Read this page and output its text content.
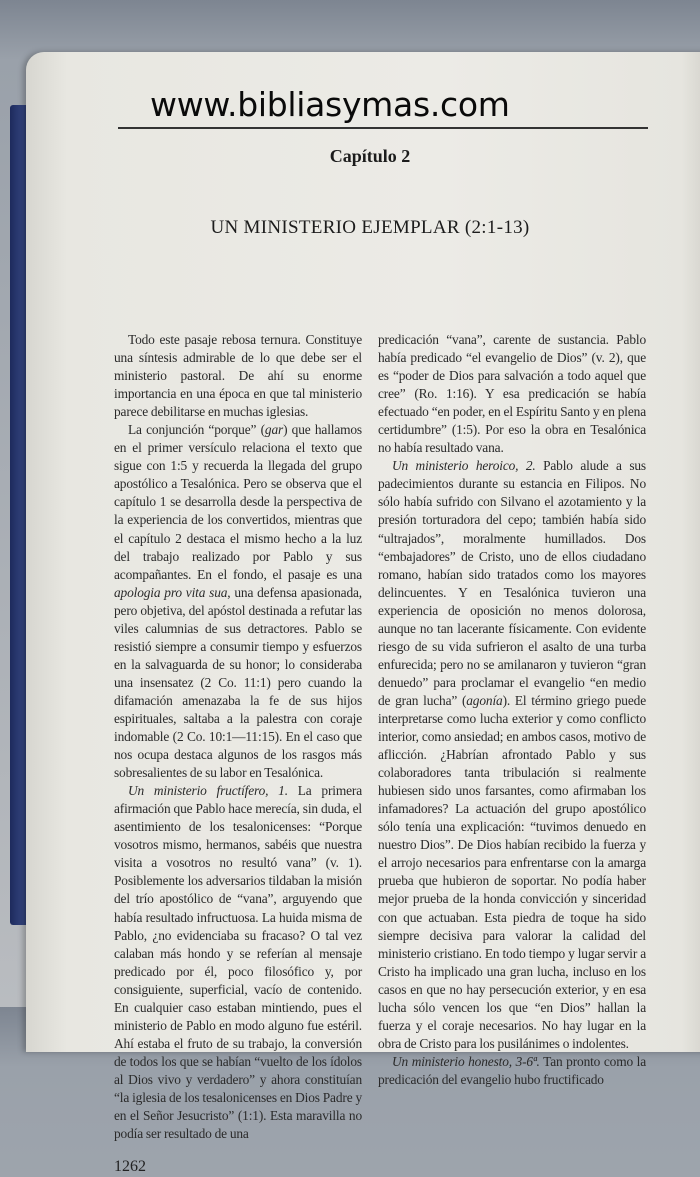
www.bibliasymas.com
Capítulo 2
UN MINISTERIO EJEMPLAR (2:1-13)

Todo este pasaje rebosa ternura. Constituye una síntesis admirable de lo que debe ser el ministerio pastoral. De ahí su enorme importancia en una época en que tal ministerio parece debilitarse en muchas iglesias.

La conjunción “porque” (gar) que hallamos en el primer versículo relaciona el texto que sigue con 1:5 y recuerda la llegada del grupo apostólico a Tesalónica. Pero se observa que el capítulo 1 se desarrolla desde la perspectiva de la experiencia de los convertidos, mientras que el capítulo 2 destaca el mismo hecho a la luz del trabajo realizado por Pablo y sus acompañantes. En el fondo, el pasaje es una apologia pro vita sua, una defensa apasionada, pero objetiva, del apóstol destinada a refutar las viles calumnias de sus detractores. Pablo se resistió siempre a consumir tiempo y esfuerzos en la salvaguarda de su honor; lo consideraba una insensatez (2 Co. 11:1) pero cuando la difamación amenazaba la fe de sus hijos espirituales, saltaba a la palestra con coraje indomable (2 Co. 10:1—11:15). En el caso que nos ocupa destaca algunos de los rasgos más sobresalientes de su labor en Tesalónica.

Un ministerio fructífero, 1. La primera afirmación que Pablo hace merecía, sin duda, el asentimiento de los tesalonicenses: “Porque vosotros mismo, hermanos, sabéis que nuestra visita a vosotros no resultó vana” (v. 1). Posiblemente los adversarios tildaban la misión del trío apostólico de “vana”, arguyendo que había resultado infructuosa. La huida misma de Pablo, ¿no evidenciaba su fracaso? O tal vez calaban más hondo y se referían al mensaje predicado por él, poco filosófico y, por consiguiente, superficial, vacío de contenido. En cualquier caso estaban mintiendo, pues el ministerio de Pablo en modo alguno fue estéril. Ahí estaba el fruto de su trabajo, la conversión de todos los que se habían “vuelto de los ídolos al Dios vivo y verdadero” y ahora constituían “la iglesia de los tesalonicenses en Dios Padre y en el Señor Jesucristo” (1:1). Esta maravilla no podía ser resultado de una

1262

predicación “vana”, carente de sustancia. Pablo había predicado “el evangelio de Dios” (v. 2), que es “poder de Dios para salvación a todo aquel que cree” (Ro. 1:16). Y esa predicación se había efectuado “en poder, en el Espíritu Santo y en plena certidumbre” (1:5). Por eso la obra en Tesalónica no había resultado vana.

Un ministerio heroico, 2. Pablo alude a sus padecimientos durante su estancia en Filipos. No sólo había sufrido con Silvano el azotamiento y la presión torturadora del cepo; también había sido “ultrajados”, moralmente humillados. Dos “embajadores” de Cristo, uno de ellos ciudadano romano, habían sido tratados como los mayores delincuentes. Y en Tesalónica tuvieron una experiencia de oposición no menos dolorosa, aunque no tan lacerante físicamente. Con evidente riesgo de su vida sufrieron el asalto de una turba enfurecida; pero no se amilanaron y tuvieron “gran denuedo” para proclamar el evangelio “en medio de gran lucha” (agonía). El término griego puede interpretarse como lucha exterior y como conflicto interior, como ansiedad; en ambos casos, motivo de aflicción. ¿Habrían afrontado Pablo y sus colaboradores tanta tribulación si realmente hubiesen sido unos farsantes, como afirmaban los infamadores? La actuación del grupo apostólico sólo tenía una explicación: “tuvimos denuedo en nuestro Dios”. De Dios habían recibido la fuerza y el arrojo necesarios para enfrentarse con la amarga prueba que hubieron de soportar. No podía haber mejor prueba de la honda convicción y sinceridad con que actuaban. Esta piedra de toque ha sido siempre decisiva para valorar la calidad del ministerio cristiano. En todo tiempo y lugar servir a Cristo ha implicado una gran lucha, incluso en los casos en que no hay persecución exterior, y en esa lucha sólo vencen los que “en Dios” hallan la fuerza y el coraje necesarios. No hay lugar en la obra de Cristo para los pusilánimes o indolentes.

Un ministerio honesto, 3-6ª. Tan pronto como la predicación del evangelio hubo fructificado
